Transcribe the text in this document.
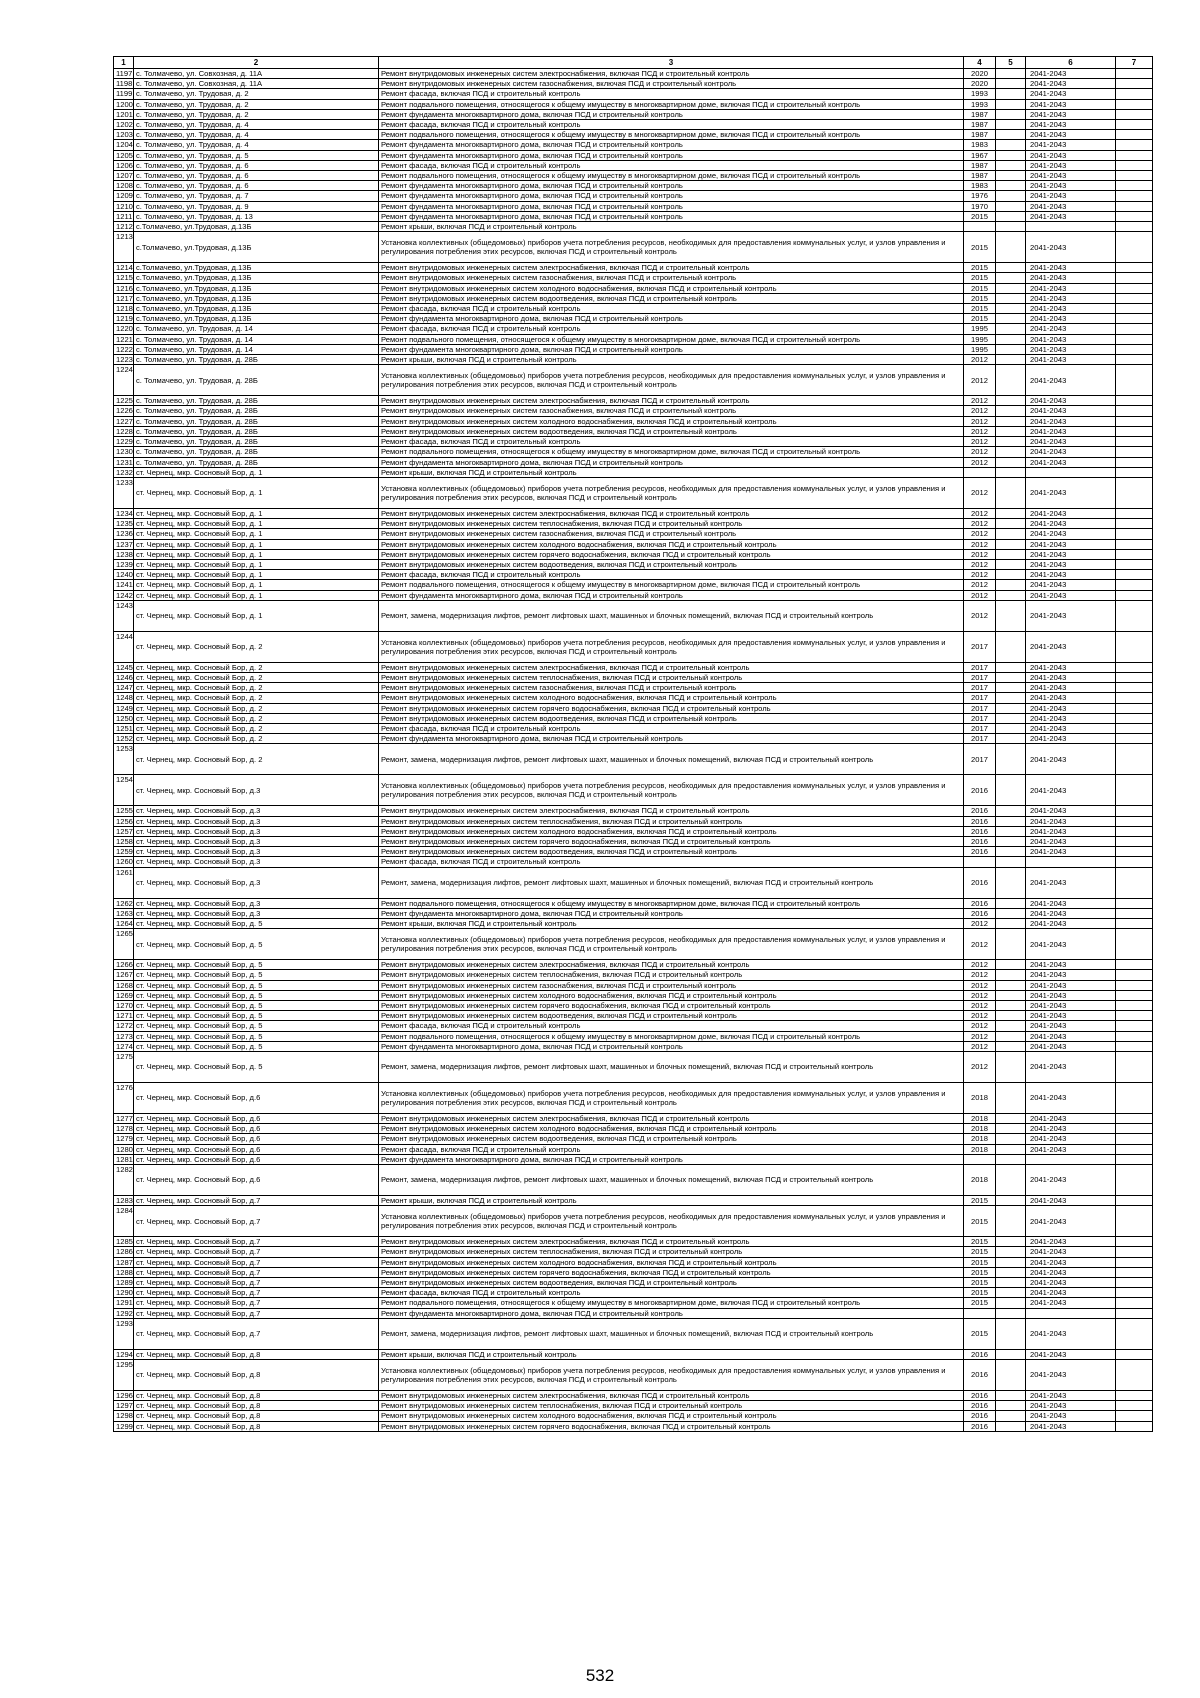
1	2	3	4	5	6	7
1197	с. Толмачево, ул. Совхозная, д. 11А	Ремонт внутридомовых инженерных систем электроснабжения, включая ПСД и строительный контроль	2020		2041-2043	
1198	с. Толмачево, ул. Совхозная, д. 11А	Ремонт внутридомовых инженерных систем газоснабжения, включая ПСД и строительный контроль	2020		2041-2043	
1199	с. Толмачево, ул. Трудовая, д. 2	Ремонт фасада, включая ПСД и строительный контроль	1993		2041-2043	
1200	с. Толмачево, ул. Трудовая, д. 2	Ремонт подвального помещения, относящегося к общему имуществу в многоквартирном доме, включая ПСД и строительный контроль	1993		2041-2043	
1201	с. Толмачево, ул. Трудовая, д. 2	Ремонт фундамента многоквартирного дома, включая ПСД и строительный контроль	1987		2041-2043	
1202	с. Толмачево, ул. Трудовая, д. 4	Ремонт фасада, включая ПСД и строительный контроль	1987		2041-2043	
1203	с. Толмачево, ул. Трудовая, д. 4	Ремонт подвального помещения, относящегося к общему имуществу в многоквартирном доме, включая ПСД и строительный контроль	1987		2041-2043	
1204	с. Толмачево, ул. Трудовая, д. 4	Ремонт фундамента многоквартирного дома, включая ПСД и строительный контроль	1983		2041-2043	
1205	с. Толмачево, ул. Трудовая, д. 5	Ремонт фундамента многоквартирного дома, включая ПСД и строительный контроль	1967		2041-2043	
1206	с. Толмачево, ул. Трудовая, д. 6	Ремонт фасада, включая ПСД и строительный контроль	1987		2041-2043	
1207	с. Толмачево, ул. Трудовая, д. 6	Ремонт подвального помещения, относящегося к общему имуществу в многоквартирном доме, включая ПСД и строительный контроль	1987		2041-2043	
1208	с. Толмачево, ул. Трудовая, д. 6	Ремонт фундамента многоквартирного дома, включая ПСД и строительный контроль	1983		2041-2043	
1209	с. Толмачево, ул. Трудовая, д. 7	Ремонт фундамента многоквартирного дома, включая ПСД и строительный контроль	1976		2041-2043	
1210	с. Толмачево, ул. Трудовая, д. 9	Ремонт фундамента многоквартирного дома, включая ПСД и строительный контроль	1970		2041-2043	
1211	с. Толмачево, ул. Трудовая, д. 13	Ремонт фундамента многоквартирного дома, включая ПСД и строительный контроль	2015		2041-2043	
1212	с.Толмачево, ул.Трудовая, д.13Б	Ремонт крыши, включая ПСД и строительный контроль				
1213	с.Толмачево, ул.Трудовая, д.13Б	Установка коллективных (общедомовых) приборов учета потребления ресурсов, необходимых для предоставления коммунальных услуг, и узлов управления и регулирования потребления этих ресурсов, включая ПСД и строительный контроль	2015		2041-2043	
1214	с.Толмачево, ул.Трудовая, д.13Б	Ремонт внутридомовых инженерных систем электроснабжения, включая ПСД и строительный контроль	2015		2041-2043	
1215	с.Толмачево, ул.Трудовая, д.13Б	Ремонт внутридомовых инженерных систем газоснабжения, включая ПСД и строительный контроль	2015		2041-2043	
1216	с.Толмачево, ул.Трудовая, д.13Б	Ремонт внутридомовых инженерных систем холодного водоснабжения, включая ПСД и строительный контроль	2015		2041-2043	
1217	с.Толмачево, ул.Трудовая, д.13Б	Ремонт внутридомовых инженерных систем водоотведения, включая ПСД и строительный контроль	2015		2041-2043	
1218	с.Толмачево, ул.Трудовая, д.13Б	Ремонт фасада, включая ПСД и строительный контроль	2015		2041-2043	
1219	с.Толмачево, ул.Трудовая, д.13Б	Ремонт фундамента многоквартирного дома, включая ПСД и строительный контроль	2015		2041-2043	
1220	с. Толмачево, ул. Трудовая, д. 14	Ремонт фасада, включая ПСД и строительный контроль	1995		2041-2043	
1221	с. Толмачево, ул. Трудовая, д. 14	Ремонт подвального помещения, относящегося к общему имуществу в многоквартирном доме, включая ПСД и строительный контроль	1995		2041-2043	
1222	с. Толмачево, ул. Трудовая, д. 14	Ремонт фундамента многоквартирного дома, включая ПСД и строительный контроль	1995		2041-2043	
1223	с. Толмачево, ул. Трудовая, д. 28Б	Ремонт крыши, включая ПСД и строительный контроль	2012		2041-2043	
1224	с. Толмачево, ул. Трудовая, д. 28Б	Установка коллективных (общедомовых) приборов учета потребления ресурсов, необходимых для предоставления коммунальных услуг, и узлов управления и регулирования потребления этих ресурсов, включая ПСД и строительный контроль	2012		2041-2043	
1225	с. Толмачево, ул. Трудовая, д. 28Б	Ремонт внутридомовых инженерных систем электроснабжения, включая ПСД и строительный контроль	2012		2041-2043	
1226	с. Толмачево, ул. Трудовая, д. 28Б	Ремонт внутридомовых инженерных систем газоснабжения, включая ПСД и строительный контроль	2012		2041-2043	
1227	с. Толмачево, ул. Трудовая, д. 28Б	Ремонт внутридомовых инженерных систем холодного водоснабжения, включая ПСД и строительный контроль	2012		2041-2043	
1228	с. Толмачево, ул. Трудовая, д. 28Б	Ремонт внутридомовых инженерных систем водоотведения, включая ПСД и строительный контроль	2012		2041-2043	
1229	с. Толмачево, ул. Трудовая, д. 28Б	Ремонт фасада, включая ПСД и строительный контроль	2012		2041-2043	
1230	с. Толмачево, ул. Трудовая, д. 28Б	Ремонт подвального помещения, относящегося к общему имуществу в многоквартирном доме, включая ПСД и строительный контроль	2012		2041-2043	
1231	с. Толмачево, ул. Трудовая, д. 28Б	Ремонт фундамента многоквартирного дома, включая ПСД и строительный контроль	2012		2041-2043	
1232	ст. Чернец, мкр. Сосновый Бор, д. 1	Ремонт крыши, включая ПСД и строительный контроль				
1233	ст. Чернец, мкр. Сосновый Бор, д. 1	Установка коллективных (общедомовых) приборов учета потребления ресурсов, необходимых для предоставления коммунальных услуг, и узлов управления и регулирования потребления этих ресурсов, включая ПСД и строительный контроль	2012		2041-2043	
1234	ст. Чернец, мкр. Сосновый Бор, д. 1	Ремонт внутридомовых инженерных систем электроснабжения, включая ПСД и строительный контроль	2012		2041-2043	
1235	ст. Чернец, мкр. Сосновый Бор, д. 1	Ремонт внутридомовых инженерных систем теплоснабжения, включая ПСД и строительный контроль	2012		2041-2043	
1236	ст. Чернец, мкр. Сосновый Бор, д. 1	Ремонт внутридомовых инженерных систем газоснабжения, включая ПСД и строительный контроль	2012		2041-2043	
1237	ст. Чернец, мкр. Сосновый Бор, д. 1	Ремонт внутридомовых инженерных систем холодного водоснабжения, включая ПСД и строительный контроль	2012		2041-2043	
1238	ст. Чернец, мкр. Сосновый Бор, д. 1	Ремонт внутридомовых инженерных систем горячего водоснабжения, включая ПСД и строительный контроль	2012		2041-2043	
1239	ст. Чернец, мкр. Сосновый Бор, д. 1	Ремонт внутридомовых инженерных систем водоотведения, включая ПСД и строительный контроль	2012		2041-2043	
1240	ст. Чернец, мкр. Сосновый Бор, д. 1	Ремонт фасада, включая ПСД и строительный контроль	2012		2041-2043	
1241	ст. Чернец, мкр. Сосновый Бор, д. 1	Ремонт подвального помещения, относящегося к общему имуществу в многоквартирном доме, включая ПСД и строительный контроль	2012		2041-2043	
1242	ст. Чернец, мкр. Сосновый Бор, д. 1	Ремонт фундамента многоквартирного дома, включая ПСД и строительный контроль	2012		2041-2043	
1243	ст. Чернец, мкр. Сосновый Бор, д. 1	Ремонт, замена, модернизация лифтов, ремонт лифтовых шахт, машинных и блочных помещений, включая ПСД и строительный контроль	2012		2041-2043	
1244	ст. Чернец, мкр. Сосновый Бор, д. 2	Установка коллективных (общедомовых) приборов учета потребления ресурсов, необходимых для предоставления коммунальных услуг, и узлов управления и регулирования потребления этих ресурсов, включая ПСД и строительный контроль	2017		2041-2043	
1245	ст. Чернец, мкр. Сосновый Бор, д. 2	Ремонт внутридомовых инженерных систем электроснабжения, включая ПСД и строительный контроль	2017		2041-2043	
1246	ст. Чернец, мкр. Сосновый Бор, д. 2	Ремонт внутридомовых инженерных систем теплоснабжения, включая ПСД и строительный контроль	2017		2041-2043	
1247	ст. Чернец, мкр. Сосновый Бор, д. 2	Ремонт внутридомовых инженерных систем газоснабжения, включая ПСД и строительный контроль	2017		2041-2043	
1248	ст. Чернец, мкр. Сосновый Бор, д. 2	Ремонт внутридомовых инженерных систем холодного водоснабжения, включая ПСД и строительный контроль	2017		2041-2043	
1249	ст. Чернец, мкр. Сосновый Бор, д. 2	Ремонт внутридомовых инженерных систем горячего водоснабжения, включая ПСД и строительный контроль	2017		2041-2043	
1250	ст. Чернец, мкр. Сосновый Бор, д. 2	Ремонт внутридомовых инженерных систем водоотведения, включая ПСД и строительный контроль	2017		2041-2043	
1251	ст. Чернец, мкр. Сосновый Бор, д. 2	Ремонт фасада, включая ПСД и строительный контроль	2017		2041-2043	
1252	ст. Чернец, мкр. Сосновый Бор, д. 2	Ремонт фундамента многоквартирного дома, включая ПСД и строительный контроль	2017		2041-2043	
1253	ст. Чернец, мкр. Сосновый Бор, д. 2	Ремонт, замена, модернизация лифтов, ремонт лифтовых шахт, машинных и блочных помещений, включая ПСД и строительный контроль	2017		2041-2043	
1254	ст. Чернец, мкр. Сосновый Бор, д.3	Установка коллективных (общедомовых) приборов учета потребления ресурсов, необходимых для предоставления коммунальных услуг, и узлов управления и регулирования потребления этих ресурсов, включая ПСД и строительный контроль	2016		2041-2043	
1255	ст. Чернец, мкр. Сосновый Бор, д.3	Ремонт внутридомовых инженерных систем электроснабжения, включая ПСД и строительный контроль	2016		2041-2043	
1256	ст. Чернец, мкр. Сосновый Бор, д.3	Ремонт внутридомовых инженерных систем теплоснабжения, включая ПСД и строительный контроль	2016		2041-2043	
1257	ст. Чернец, мкр. Сосновый Бор, д.3	Ремонт внутридомовых инженерных систем холодного водоснабжения, включая ПСД и строительный контроль	2016		2041-2043	
1258	ст. Чернец, мкр. Сосновый Бор, д.3	Ремонт внутридомовых инженерных систем горячего водоснабжения, включая ПСД и строительный контроль	2016		2041-2043	
1259	ст. Чернец, мкр. Сосновый Бор, д.3	Ремонт внутридомовых инженерных систем водоотведения, включая ПСД и строительный контроль	2016		2041-2043	
1260	ст. Чернец, мкр. Сосновый Бор, д.3	Ремонт фасада, включая ПСД и строительный контроль				
1261	ст. Чернец, мкр. Сосновый Бор, д.3	Ремонт, замена, модернизация лифтов, ремонт лифтовых шахт, машинных и блочных помещений, включая ПСД и строительный контроль	2016		2041-2043	
1262	ст. Чернец, мкр. Сосновый Бор, д.3	Ремонт подвального помещения, относящегося к общему имуществу в многоквартирном доме, включая ПСД и строительный контроль	2016		2041-2043	
1263	ст. Чернец, мкр. Сосновый Бор, д.3	Ремонт фундамента многоквартирного дома, включая ПСД и строительный контроль	2016		2041-2043	
1264	ст. Чернец, мкр. Сосновый Бор, д. 5	Ремонт крыши, включая ПСД и строительный контроль	2012		2041-2043	
1265	ст. Чернец, мкр. Сосновый Бор, д. 5	Установка коллективных (общедомовых) приборов учета потребления ресурсов, необходимых для предоставления коммунальных услуг, и узлов управления и регулирования потребления этих ресурсов, включая ПСД и строительный контроль	2012		2041-2043	
1266	ст. Чернец, мкр. Сосновый Бор, д. 5	Ремонт внутридомовых инженерных систем электроснабжения, включая ПСД и строительный контроль	2012		2041-2043	
1267	ст. Чернец, мкр. Сосновый Бор, д. 5	Ремонт внутридомовых инженерных систем теплоснабжения, включая ПСД и строительный контроль	2012		2041-2043	
1268	ст. Чернец, мкр. Сосновый Бор, д. 5	Ремонт внутридомовых инженерных систем газоснабжения, включая ПСД и строительный контроль	2012		2041-2043	
1269	ст. Чернец, мкр. Сосновый Бор, д. 5	Ремонт внутридомовых инженерных систем холодного водоснабжения, включая ПСД и строительный контроль	2012		2041-2043	
1270	ст. Чернец, мкр. Сосновый Бор, д. 5	Ремонт внутридомовых инженерных систем горячего водоснабжения, включая ПСД и строительный контроль	2012		2041-2043	
1271	ст. Чернец, мкр. Сосновый Бор, д. 5	Ремонт внутридомовых инженерных систем водоотведения, включая ПСД и строительный контроль	2012		2041-2043	
1272	ст. Чернец, мкр. Сосновый Бор, д. 5	Ремонт фасада, включая ПСД и строительный контроль	2012		2041-2043	
1273	ст. Чернец, мкр. Сосновый Бор, д. 5	Ремонт подвального помещения, относящегося к общему имуществу в многоквартирном доме, включая ПСД и строительный контроль	2012		2041-2043	
1274	ст. Чернец, мкр. Сосновый Бор, д. 5	Ремонт фундамента многоквартирного дома, включая ПСД и строительный контроль	2012		2041-2043	
1275	ст. Чернец, мкр. Сосновый Бор, д. 5	Ремонт, замена, модернизация лифтов, ремонт лифтовых шахт, машинных и блочных помещений, включая ПСД и строительный контроль	2012		2041-2043	
1276	ст. Чернец, мкр. Сосновый Бор, д.6	Установка коллективных (общедомовых) приборов учета потребления ресурсов, необходимых для предоставления коммунальных услуг, и узлов управления и регулирования потребления этих ресурсов, включая ПСД и строительный контроль	2018		2041-2043	
1277	ст. Чернец, мкр. Сосновый Бор, д.6	Ремонт внутридомовых инженерных систем электроснабжения, включая ПСД и строительный контроль	2018		2041-2043	
1278	ст. Чернец, мкр. Сосновый Бор, д.6	Ремонт внутридомовых инженерных систем холодного водоснабжения, включая ПСД и строительный контроль	2018		2041-2043	
1279	ст. Чернец, мкр. Сосновый Бор, д.6	Ремонт внутридомовых инженерных систем водоотведения, включая ПСД и строительный контроль	2018		2041-2043	
1280	ст. Чернец, мкр. Сосновый Бор, д.6	Ремонт фасада, включая ПСД и строительный контроль	2018		2041-2043	
1281	ст. Чернец, мкр. Сосновый Бор, д.6	Ремонт фундамента многоквартирного дома, включая ПСД и строительный контроль				
1282	ст. Чернец, мкр. Сосновый Бор, д.6	Ремонт, замена, модернизация лифтов, ремонт лифтовых шахт, машинных и блочных помещений, включая ПСД и строительный контроль	2018		2041-2043	
1283	ст. Чернец, мкр. Сосновый Бор, д.7	Ремонт крыши, включая ПСД и строительный контроль	2015		2041-2043	
1284	ст. Чернец, мкр. Сосновый Бор, д.7	Установка коллективных (общедомовых) приборов учета потребления ресурсов, необходимых для предоставления коммунальных услуг, и узлов управления и регулирования потребления этих ресурсов, включая ПСД и строительный контроль	2015		2041-2043	
1285	ст. Чернец, мкр. Сосновый Бор, д.7	Ремонт внутридомовых инженерных систем электроснабжения, включая ПСД и строительный контроль	2015		2041-2043	
1286	ст. Чернец, мкр. Сосновый Бор, д.7	Ремонт внутридомовых инженерных систем теплоснабжения, включая ПСД и строительный контроль	2015		2041-2043	
1287	ст. Чернец, мкр. Сосновый Бор, д.7	Ремонт внутридомовых инженерных систем холодного водоснабжения, включая ПСД и строительный контроль	2015		2041-2043	
1288	ст. Чернец, мкр. Сосновый Бор, д.7	Ремонт внутридомовых инженерных систем горячего водоснабжения, включая ПСД и строительный контроль	2015		2041-2043	
1289	ст. Чернец, мкр. Сосновый Бор, д.7	Ремонт внутридомовых инженерных систем водоотведения, включая ПСД и строительный контроль	2015		2041-2043	
1290	ст. Чернец, мкр. Сосновый Бор, д.7	Ремонт фасада, включая ПСД и строительный контроль	2015		2041-2043	
1291	ст. Чернец, мкр. Сосновый Бор, д.7	Ремонт подвального помещения, относящегося к общему имуществу в многоквартирном доме, включая ПСД и строительный контроль	2015		2041-2043	
1292	ст. Чернец, мкр. Сосновый Бор, д.7	Ремонт фундамента многоквартирного дома, включая ПСД и строительный контроль				
1293	ст. Чернец, мкр. Сосновый Бор, д.7	Ремонт, замена, модернизация лифтов, ремонт лифтовых шахт, машинных и блочных помещений, включая ПСД и строительный контроль	2015		2041-2043	
1294	ст. Чернец, мкр. Сосновый Бор, д.8	Ремонт крыши, включая ПСД и строительный контроль	2016		2041-2043	
1295	ст. Чернец, мкр. Сосновый Бор, д.8	Установка коллективных (общедомовых) приборов учета потребления ресурсов, необходимых для предоставления коммунальных услуг, и узлов управления и регулирования потребления этих ресурсов, включая ПСД и строительный контроль	2016		2041-2043	
1296	ст. Чернец, мкр. Сосновый Бор, д.8	Ремонт внутридомовых инженерных систем электроснабжения, включая ПСД и строительный контроль	2016		2041-2043	
1297	ст. Чернец, мкр. Сосновый Бор, д.8	Ремонт внутридомовых инженерных систем теплоснабжения, включая ПСД и строительный контроль	2016		2041-2043	
1298	ст. Чернец, мкр. Сосновый Бор, д.8	Ремонт внутридомовых инженерных систем холодного водоснабжения, включая ПСД и строительный контроль	2016		2041-2043	
1299	ст. Чернец, мкр. Сосновый Бор, д.8	Ремонт внутридомовых инженерных систем горячего водоснабжения, включая ПСД и строительный контроль	2016		2041-2043	
532
